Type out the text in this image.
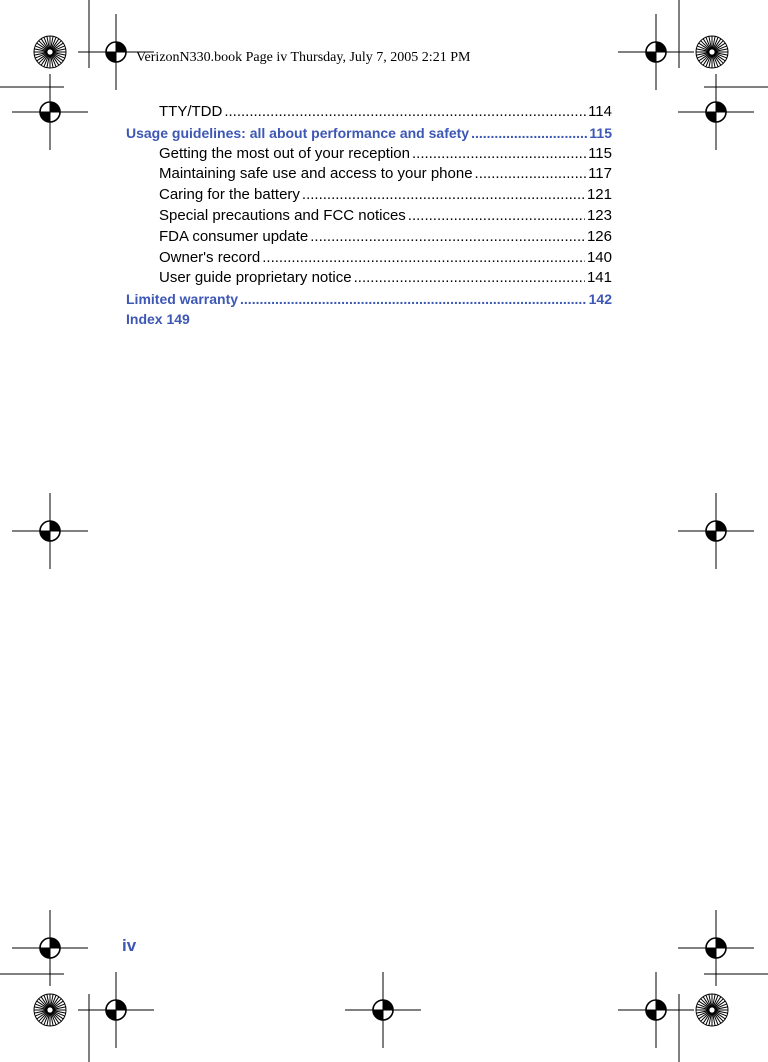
VerizonN330.book Page iv Thursday, July 7, 2005 2:21 PM
TTY/TDD .....	114
Usage guidelines: all about performance and safety .....	115
Getting the most out of your reception .....	115
Maintaining safe use and access to your phone .....	117
Caring for the battery .....	121
Special precautions and FCC notices .....	123
FDA consumer update .....	126
Owner's record .....	140
User guide proprietary notice .....	141
Limited warranty .....	142
Index 149
iv
